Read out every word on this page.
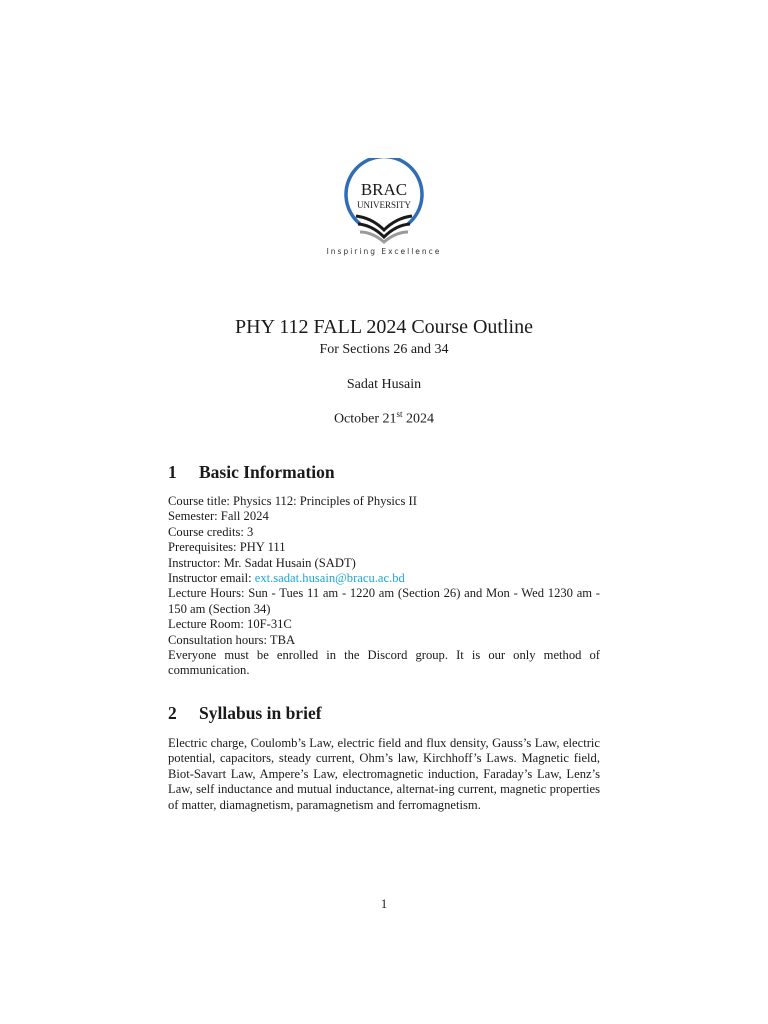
BRAC
UNIVERSITY
Inspiring Excellence
PHY 112 FALL 2024 Course Outline
For Sections 26 and 34
Sadat Husain
October 21st 2024
1 Basic Information
Course title: Physics 112: Principles of Physics II
Semester: Fall 2024
Course credits: 3
Prerequisites: PHY 111
Instructor: Mr. Sadat Husain (SADT)
Instructor email: ext.sadat.husain@bracu.ac.bd
Lecture Hours: Sun - Tues 11 am - 1220 am (Section 26) and Mon - Wed 1230 am - 150 am (Section 34)
Lecture Room: 10F-31C
Consultation hours: TBA
Everyone must be enrolled in the Discord group. It is our only method of communication.
2 Syllabus in brief
Electric charge, Coulomb’s Law, electric field and flux density, Gauss’s Law, electric potential, capacitors, steady current, Ohm’s law, Kirchhoff’s Laws. Magnetic field, Biot-Savart Law, Ampere’s Law, electromagnetic induction, Faraday’s Law, Lenz’s Law, self inductance and mutual inductance, alternat-ing current, magnetic properties of matter, diamagnetism, paramagnetism and ferromagnetism.
1
